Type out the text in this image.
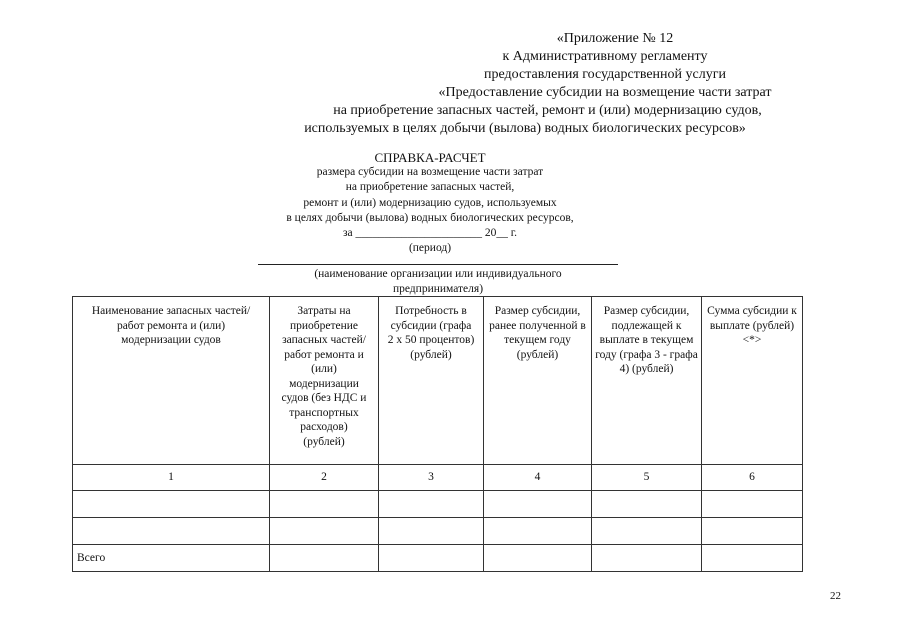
«Приложение № 12
к Административному регламенту
предоставления государственной услуги
«Предоставление субсидии на возмещение части затрат
на приобретение запасных частей, ремонт и (или) модернизацию судов,
используемых в целях добычи (вылова) водных биологических ресурсов»
СПРАВКА-РАСЧЕТ
размера субсидии на возмещение части затрат
на приобретение запасных частей,
ремонт и (или) модернизацию судов, используемых
в целях добычи (вылова) водных биологических ресурсов,
за ______________________ 20__ г.
(период)
(наименование организации или индивидуального
предпринимателя)
Наименование запасных частей/работ ремонта и (или) модернизации судов	Затраты на приобретение запасных частей/работ ремонта и (или) модернизации судов (без НДС и транспортных расходов) (рублей)	Потребность в субсидии (графа 2 x 50 процентов) (рублей)	Размер субсидии, ранее полученной в текущем году (рублей)	Размер субсидии, подлежащей к выплате в текущем году (графа 3 - графа 4) (рублей)	Сумма субсидии к выплате (рублей) <*>
1	2	3	4	5	6

Всего					
22
